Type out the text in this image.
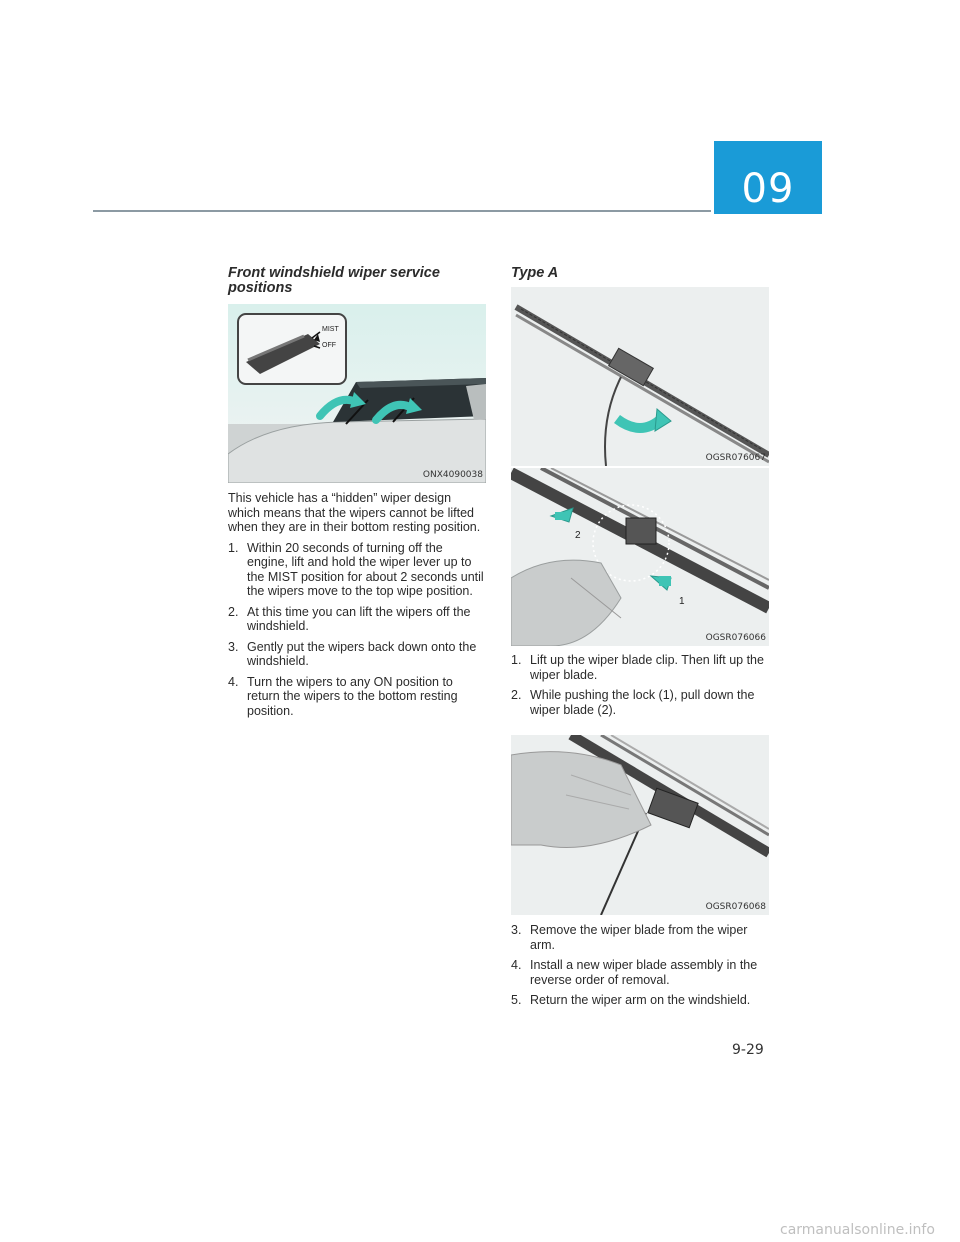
09
Front windshield wiper service positions
MIST
OFF
ONX4090038

This vehicle has a “hidden” wiper design which means that the wipers cannot be lifted when they are in their bottom resting position.

1. Within 20 seconds of turning off the engine, lift and hold the wiper lever up to the MIST position for about 2 seconds until the wipers move to the top wipe position.
2. At this time you can lift the wipers off the windshield.
3. Gently put the wipers back down onto the windshield.
4. Turn the wipers to any ON position to return the wipers to the bottom resting position.
Type A
OGSR076067
2
1
OGSR076066
1. Lift up the wiper blade clip. Then lift up the wiper blade.
2. While pushing the lock (1), pull down the wiper blade (2).
OGSR076068
3. Remove the wiper blade from the wiper arm.
4. Install a new wiper blade assembly in the reverse order of removal.
5. Return the wiper arm on the windshield.
9-29
carmanualsonline.info
